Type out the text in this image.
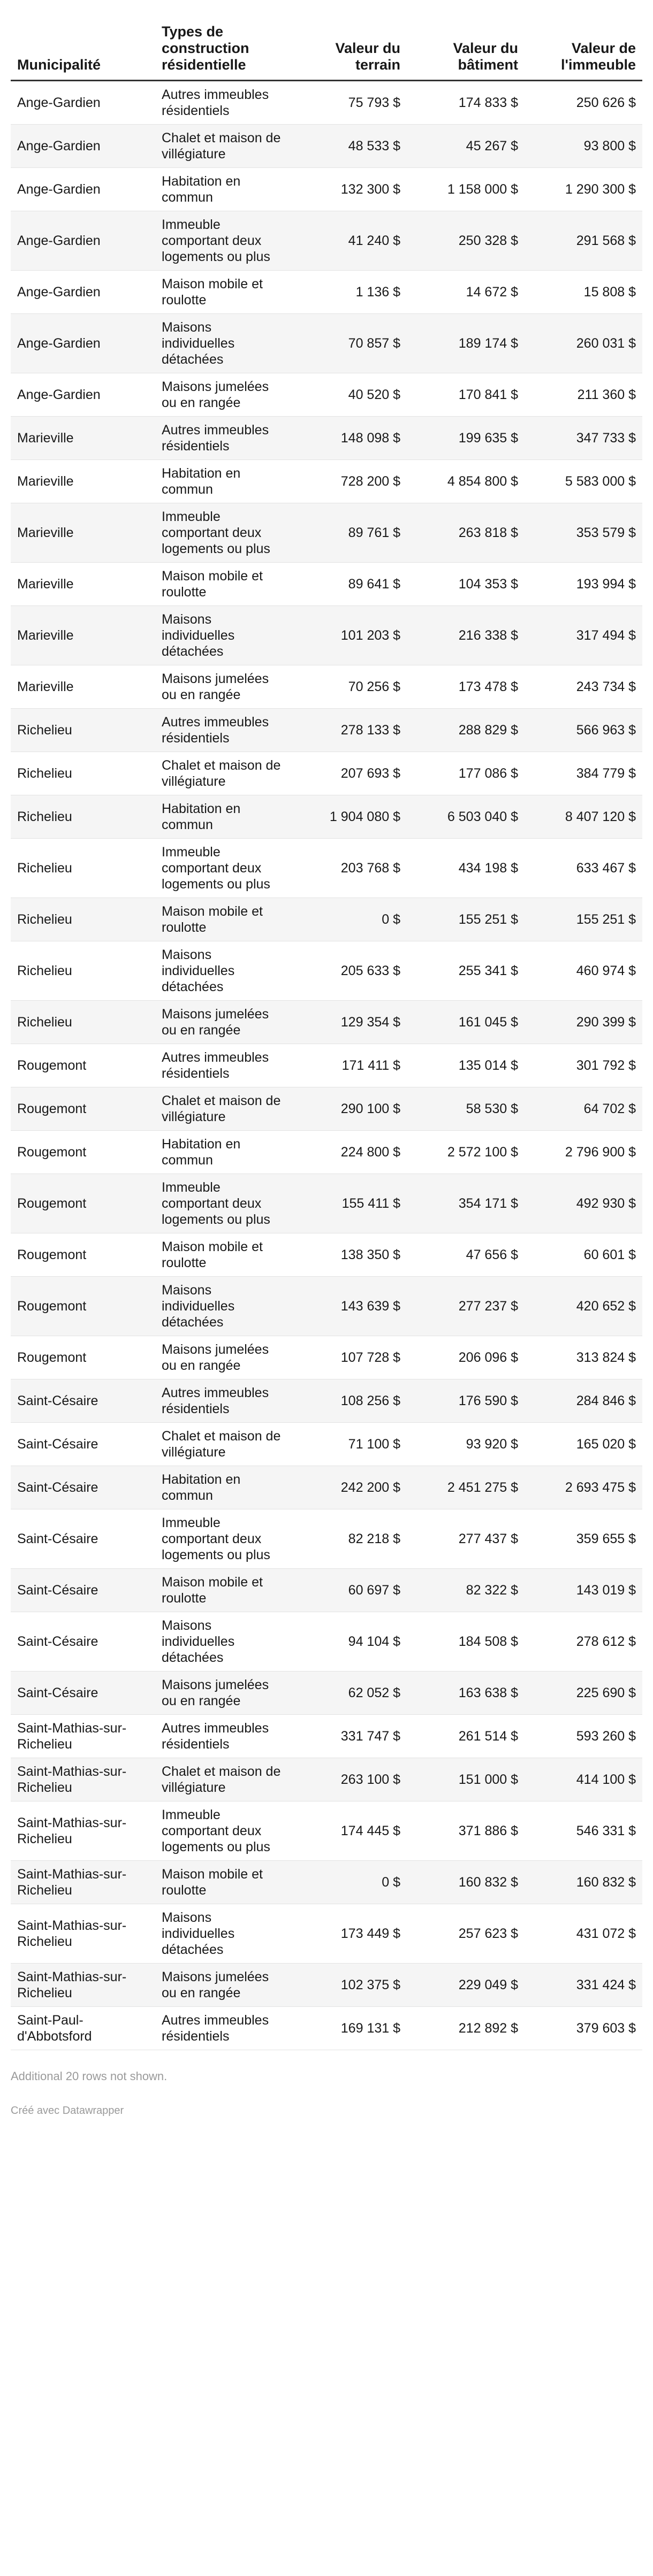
Municipalité	Types de construction résidentielle	Valeur du terrain	Valeur du bâtiment	Valeur de l'immeuble
Ange-Gardien	Autres immeubles résidentiels	75 793 $	174 833 $	250 626 $
Ange-Gardien	Chalet et maison de villégiature	48 533 $	45 267 $	93 800 $
Ange-Gardien	Habitation en commun	132 300 $	1 158 000 $	1 290 300 $
Ange-Gardien	Immeuble comportant deux logements ou plus	41 240 $	250 328 $	291 568 $
Ange-Gardien	Maison mobile et roulotte	1 136 $	14 672 $	15 808 $
Ange-Gardien	Maisons individuelles détachées	70 857 $	189 174 $	260 031 $
Ange-Gardien	Maisons jumelées ou en rangée	40 520 $	170 841 $	211 360 $
Marieville	Autres immeubles résidentiels	148 098 $	199 635 $	347 733 $
Marieville	Habitation en commun	728 200 $	4 854 800 $	5 583 000 $
Marieville	Immeuble comportant deux logements ou plus	89 761 $	263 818 $	353 579 $
Marieville	Maison mobile et roulotte	89 641 $	104 353 $	193 994 $
Marieville	Maisons individuelles détachées	101 203 $	216 338 $	317 494 $
Marieville	Maisons jumelées ou en rangée	70 256 $	173 478 $	243 734 $
Richelieu	Autres immeubles résidentiels	278 133 $	288 829 $	566 963 $
Richelieu	Chalet et maison de villégiature	207 693 $	177 086 $	384 779 $
Richelieu	Habitation en commun	1 904 080 $	6 503 040 $	8 407 120 $
Richelieu	Immeuble comportant deux logements ou plus	203 768 $	434 198 $	633 467 $
Richelieu	Maison mobile et roulotte	0 $	155 251 $	155 251 $
Richelieu	Maisons individuelles détachées	205 633 $	255 341 $	460 974 $
Richelieu	Maisons jumelées ou en rangée	129 354 $	161 045 $	290 399 $
Rougemont	Autres immeubles résidentiels	171 411 $	135 014 $	301 792 $
Rougemont	Chalet et maison de villégiature	290 100 $	58 530 $	64 702 $
Rougemont	Habitation en commun	224 800 $	2 572 100 $	2 796 900 $
Rougemont	Immeuble comportant deux logements ou plus	155 411 $	354 171 $	492 930 $
Rougemont	Maison mobile et roulotte	138 350 $	47 656 $	60 601 $
Rougemont	Maisons individuelles détachées	143 639 $	277 237 $	420 652 $
Rougemont	Maisons jumelées ou en rangée	107 728 $	206 096 $	313 824 $
Saint-Césaire	Autres immeubles résidentiels	108 256 $	176 590 $	284 846 $
Saint-Césaire	Chalet et maison de villégiature	71 100 $	93 920 $	165 020 $
Saint-Césaire	Habitation en commun	242 200 $	2 451 275 $	2 693 475 $
Saint-Césaire	Immeuble comportant deux logements ou plus	82 218 $	277 437 $	359 655 $
Saint-Césaire	Maison mobile et roulotte	60 697 $	82 322 $	143 019 $
Saint-Césaire	Maisons individuelles détachées	94 104 $	184 508 $	278 612 $
Saint-Césaire	Maisons jumelées ou en rangée	62 052 $	163 638 $	225 690 $
Saint-Mathias-sur-Richelieu	Autres immeubles résidentiels	331 747 $	261 514 $	593 260 $
Saint-Mathias-sur-Richelieu	Chalet et maison de villégiature	263 100 $	151 000 $	414 100 $
Saint-Mathias-sur-Richelieu	Immeuble comportant deux logements ou plus	174 445 $	371 886 $	546 331 $
Saint-Mathias-sur-Richelieu	Maison mobile et roulotte	0 $	160 832 $	160 832 $
Saint-Mathias-sur-Richelieu	Maisons individuelles détachées	173 449 $	257 623 $	431 072 $
Saint-Mathias-sur-Richelieu	Maisons jumelées ou en rangée	102 375 $	229 049 $	331 424 $
Saint-Paul-d'Abbotsford	Autres immeubles résidentiels	169 131 $	212 892 $	379 603 $
Additional 20 rows not shown.
Créé avec Datawrapper
